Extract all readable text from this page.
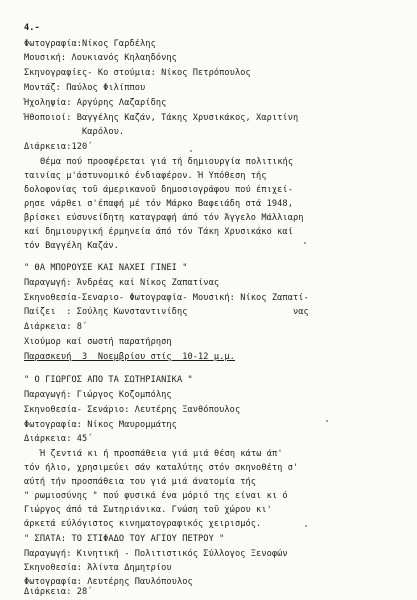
4.-
Φωτογραφία:Νίκος Γαρδέλης
Μουσική: Λουκιανός Κηλαηδόνης
Σκηνογραφίες- Κο στούμια: Νίκος Πετρόπουλος
Μοντάζ: Παύλος Φιλίππου
Ήχοληψία: Αργύρης Λαζαρίδης
Ήθοποιοί: Βαγγέλης Καζάν, Τάκης Χρυσικάκος, Χαριτίνη
Καρόλου.
Διάρκεια:120΄
Θέμα πού προσφέρεται γιά τή δημιουργία πολιτικής
ταινίας μ'άστυνομικό ένδιαφέρον. Ή Υπόθεση τής
δολοφονίας τοῦ άμερικανοῦ δημοσιογράφου πού έπιχεί-
ρησε νάρθει σ'έπαφή μέ τόν Μάρκο Βαφειάδη στά 1948,
βρίσκει εύσυνείδητη καταγραφή άπό τόν Άγγελο Μάλλιαρη
καί δημιουργική έρμηνεία άπό τόν Τάκη Χρυσικάκο καί
τόν Βαγγέλη Καζάν.
" ΘΑ ΜΠΟΡΟΥΣΕ ΚΑΙ ΝΑΧΕΙ ΓΙΝΕΙ "
Παραγωγή: Άνδρέας καί Νίκος Ζαπατίνας
Σκηνοθεσία-Σεναριο- Φωτογραφία- Μουσική: Νίκος Ζαπατί-
Παίζει  : Σούλης Κωνσταντινίδης                    νας
Διάρκεια: 8΄
Χιούμορ καί σωστή παρατήρηση
Παρασκευή  3  Νοεμβρίου στίς  10-12 μ.μ.
" Ο ΓΙΩΡΓΟΣ ΑΠΟ ΤΑ ΣΩΤΗΡΙΑΝΙΚΑ "
Παραγωγή: Γιώργος Κοζομπόλης
Σκηνοθεσία- Σενάριο: Λευτέρης Ξανθόπουλος
Φωτογραφία: Νίκος Μαυρομμάτης
Διάρκεια: 45΄
Ή ζεντιά κι ή προσπάθεια γιά μιά θέση κάτω άπ'
τόν ήλιο, χρησιμεύει σάν καταλύτης στόν σκηνοθέτη σ'
αύτή τήν προσπάθεια του γιά μιά άνατομία τής
" ρωμιοσύνης " πού φυσικά ένα μόριό της είναι κι ό
Γιώργος άπό τά Σωτηριάνικα. Γνώση τοῦ χώρου κι'
άρκετά εύλόγιστος κινηματογραφικός χειρισμός.
" ΣΠΑΤΑ: ΤΟ ΣΤΙΦΑΔΟ ΤΟΥ ΑΓΙΟΥ ΠΕΤΡΟΥ "
Παραγωγή: Κινητική - Πολιτιστικός Σύλλογος Ξενοφών
Σκηνοθεσία: Άλίντα Δημητρίου
Φωτογραφία: Λευτέρης Παυλόπουλος
Διάρκεια: 28΄
